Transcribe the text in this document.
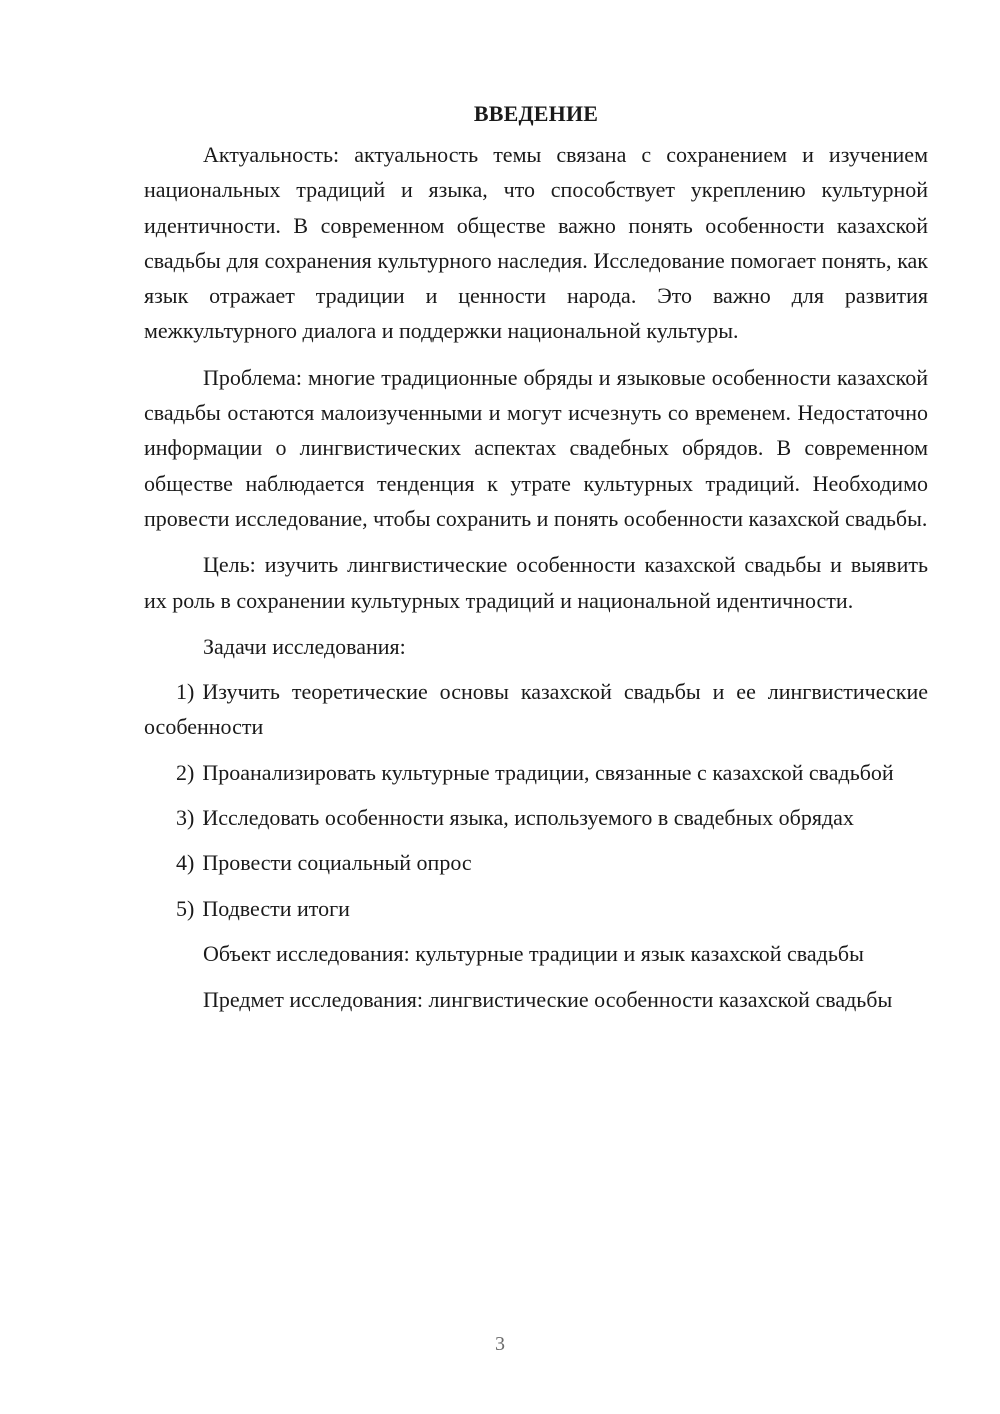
ВВЕДЕНИЕ

Актуальность: актуальность темы связана с сохранением и изучением национальных традиций и языка, что способствует укреплению культурной идентичности. В современном обществе важно понять особенности казахской свадьбы для сохранения культурного наследия. Исследование помогает понять, как язык отражает традиции и ценности народа. Это важно для развития межкультурного диалога и поддержки национальной культуры.

Проблема: многие традиционные обряды и языковые особенности казахской свадьбы остаются малоизученными и могут исчезнуть со временем. Недостаточно информации о лингвистических аспектах свадебных обрядов. В современном обществе наблюдается тенденция к утрате культурных традиций. Необходимо провести исследование, чтобы сохранить и понять особенности казахской свадьбы.

Цель: изучить лингвистические особенности казахской свадьбы и выявить их роль в сохранении культурных традиций и национальной идентичности.

Задачи исследования:

1) Изучить теоретические основы казахской свадьбы и ее лингвистические особенности

2) Проанализировать культурные традиции, связанные с казахской свадьбой

3) Исследовать особенности языка, используемого в свадебных обрядах

4) Провести социальный опрос

5) Подвести итоги

Объект исследования: культурные традиции и язык казахской свадьбы

Предмет исследования: лингвистические особенности казахской свадьбы

3
